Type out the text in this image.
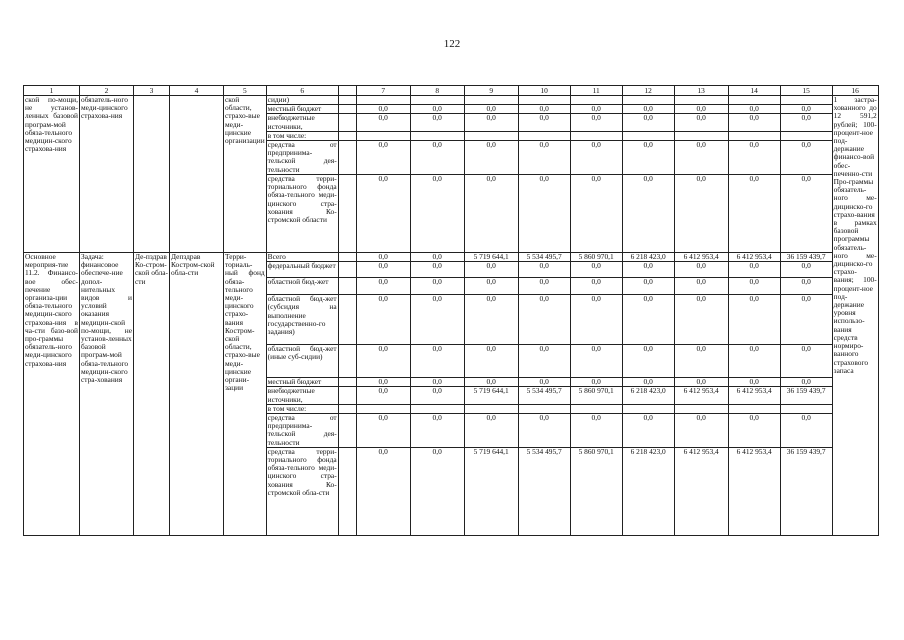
122
1	2	3	4	5	6		7	8	9	10	11	12	13	14	15	16
ской по-мощи, не установ-ленных базовой програм-мой обяза-тельного медицин-ского страхова-ния	обязатель-ного меди-цинского страхова-ния			ской области, страхо-вые меди-цинские организации	сидии)											1 застра-хованного до 12 591,2 рублей; 100-процент-ное под-держание финансо-вой обес-печенно-сти Про-граммы обязатель-ного ме-дицинско-го страхо-вания в рамках базовой программы обязатель-ного ме-дицинско-го страхо-вания; 100-процент-ное под-держание уровня использо-вания средств нормиро-ванного страхового запаса
					местный бюджет		0,0	0,0	0,0	0,0	0,0	0,0	0,0	0,0	0,0	
					внебюджетные источники,		0,0	0,0	0,0	0,0	0,0	0,0	0,0	0,0	0,0	
					в том числе:											
					средства от предпринима-тельской дея-тельности		0,0	0,0	0,0	0,0	0,0	0,0	0,0	0,0	0,0	
					средства терри-ториального фонда обяза-тельного меди-цинского стра-хования Ко-стромской области		0,0	0,0	0,0	0,0	0,0	0,0	0,0	0,0	0,0	
Основное мероприя-тие 11.2. Финансо-вое обес-печение организа-ции обяза-тельного медицин-ского страхова-ния в ча-сти базо-вой про-граммы обязатель-ного меди-цинского страхова-ния	Задача: финансовое обеспече-ние допол-нительных видов и условий оказания медицин-ской по-мощи, не установ-ленных базовой програм-мой обяза-тельного медицин-ского стра-хования	Де-пздрав Ко-стром-ской обла-сти	Депздрав Костром-ской обла-сти	Терри-ториаль-ный фонд обяза-тельного меди-цинского страхо-вания Костром-ской области, страхо-вые меди-цинские органи-зации	Всего		0,0	0,0	5 719 644,1	5 534 495,7	5 860 970,1	6 218 423,0	6 412 953,4	6 412 953,4	36 159 439,7	
					федеральный бюджет		0,0	0,0	0,0	0,0	0,0	0,0	0,0	0,0	0,0	
					областной бюд-жет		0,0	0,0	0,0	0,0	0,0	0,0	0,0	0,0	0,0	
					областной бюд-жет (субсидия на выполнение государственно-го задания)		0,0	0,0	0,0	0,0	0,0	0,0	0,0	0,0	0,0	
					областной бюд-жет (иные суб-сидии)		0,0	0,0	0,0	0,0	0,0	0,0	0,0	0,0	0,0	
					местный бюджет		0,0	0,0	0,0	0,0	0,0	0,0	0,0	0,0	0,0	
					внебюджетные источники,		0,0	0,0	5 719 644,1	5 534 495,7	5 860 970,1	6 218 423,0	6 412 953,4	6 412 953,4	36 159 439,7	
					в том числе:											
					средства от предпринима-тельской дея-тельности		0,0	0,0	0,0	0,0	0,0	0,0	0,0	0,0	0,0	
					средства терри-ториального фонда обяза-тельного меди-цинского стра-хования Ко-стромской обла-сти		0,0	0,0	5 719 644,1	5 534 495,7	5 860 970,1	6 218 423,0	6 412 953,4	6 412 953,4	36 159 439,7	
